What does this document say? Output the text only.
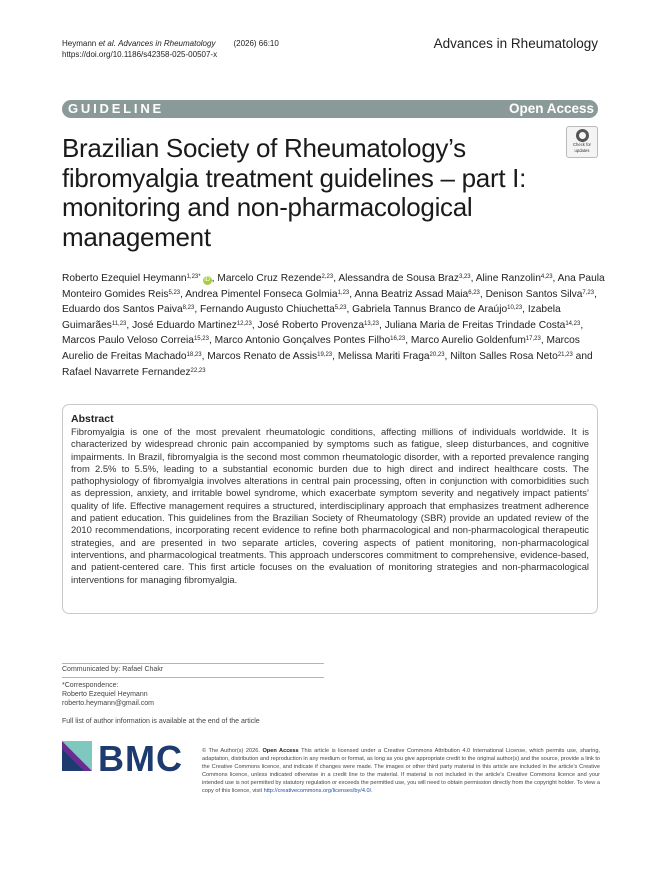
Heymann et al. Advances in Rheumatology (2026) 66:10
https://doi.org/10.1186/s42358-025-00507-x
Advances in Rheumatology
GUIDELINE	Open Access
Check for
updates
Brazilian Society of Rheumatology’s fibromyalgia treatment guidelines – part I: monitoring and non-pharmacological management
Roberto Ezequiel Heymann$^{1,23*}$  iD , Marcelo Cruz Rezende$^{2,23}$, Alessandra de Sousa Braz$^{3,23}$, Aline Ranzolin$^{4,23}$, Ana Paula Monteiro Gomides Reis$^{5,23}$, Andrea Pimentel Fonseca Golmia$^{1,23}$, Anna Beatriz Assad Maia$^{6,23}$, Denison Santos Silva$^{7,23}$, Eduardo dos Santos Paiva$^{8,23}$, Fernando Augusto Chiuchetta$^{5,23}$, Gabriela Tannus Branco de Araújo$^{10,23}$, Izabela Guimarães$^{11,23}$, José Eduardo Martinez$^{12,23}$, José Roberto Provenza$^{13,23}$, Juliana Maria de Freitas Trindade Costa$^{14,23}$, Marcos Paulo Veloso Correia$^{15,23}$, Marco Antonio Gonçalves Pontes Filho$^{16,23}$, Marco Aurelio Goldenfum$^{17,23}$, Marcos Aurelio de Freitas Machado$^{18,23}$, Marcos Renato de Assis$^{19,23}$, Melissa Mariti Fraga$^{20,23}$, Nilton Salles Rosa Neto$^{21,23}$ and Rafael Navarrete Fernandez$^{22,23}$
Abstract

Fibromyalgia is one of the most prevalent rheumatologic conditions, affecting millions of individuals worldwide. It is characterized by widespread chronic pain accompanied by symptoms such as fatigue, sleep disturbances, and cognitive impairments. In Brazil, fibromyalgia is the second most common rheumatologic disorder, with a reported prevalence ranging from 2.5% to 5.5%, leading to a substantial economic burden due to high direct and indirect healthcare costs. The pathophysiology of fibromyalgia involves alterations in central pain processing, often in conjunction with comorbidities such as depression, anxiety, and irritable bowel syndrome, which exacerbate symptom severity and negatively impact patients’ quality of life. Effective management requires a structured, interdisciplinary approach that emphasizes treatment adherence and patient education. This guidelines from the Brazilian Society of Rheumatology (SBR) provide an updated review of the 2010 recommendations, incorporating recent evidence to refine both pharmacological and non-pharmacological therapeutic strategies, and are presented in two separate articles, covering aspects of patient monitoring, non-pharmacological interventions, and pharmacological treatments. This approach underscores commitment to comprehensive, evidence-based, and patient-centered care. This first article focuses on the evaluation of monitoring strategies and non-pharmacological interventions for managing fibromyalgia.

Communicated by: Rafael Chakr
*Correspondence:
Roberto Ezequiel Heymann
roberto.heymann@gmail.com
Full list of author information is available at the end of the article
BMC	© The Author(s) 2026. Open Access This article is licensed under a Creative Commons Attribution 4.0 International License, which permits use, sharing, adaptation, distribution and reproduction in any medium or format, as long as you give appropriate credit to the original author(s) and the source, provide a link to the Creative Commons licence, and indicate if changes were made. The images or other third party material in this article are included in the article’s Creative Commons licence, unless indicated otherwise in a credit line to the material. If material is not included in the article’s Creative Commons licence and your intended use is not permitted by statutory regulation or exceeds the permitted use, you will need to obtain permission directly from the copyright holder. To view a copy of this licence, visit http://creativecommons.org/licenses/by/4.0/.
